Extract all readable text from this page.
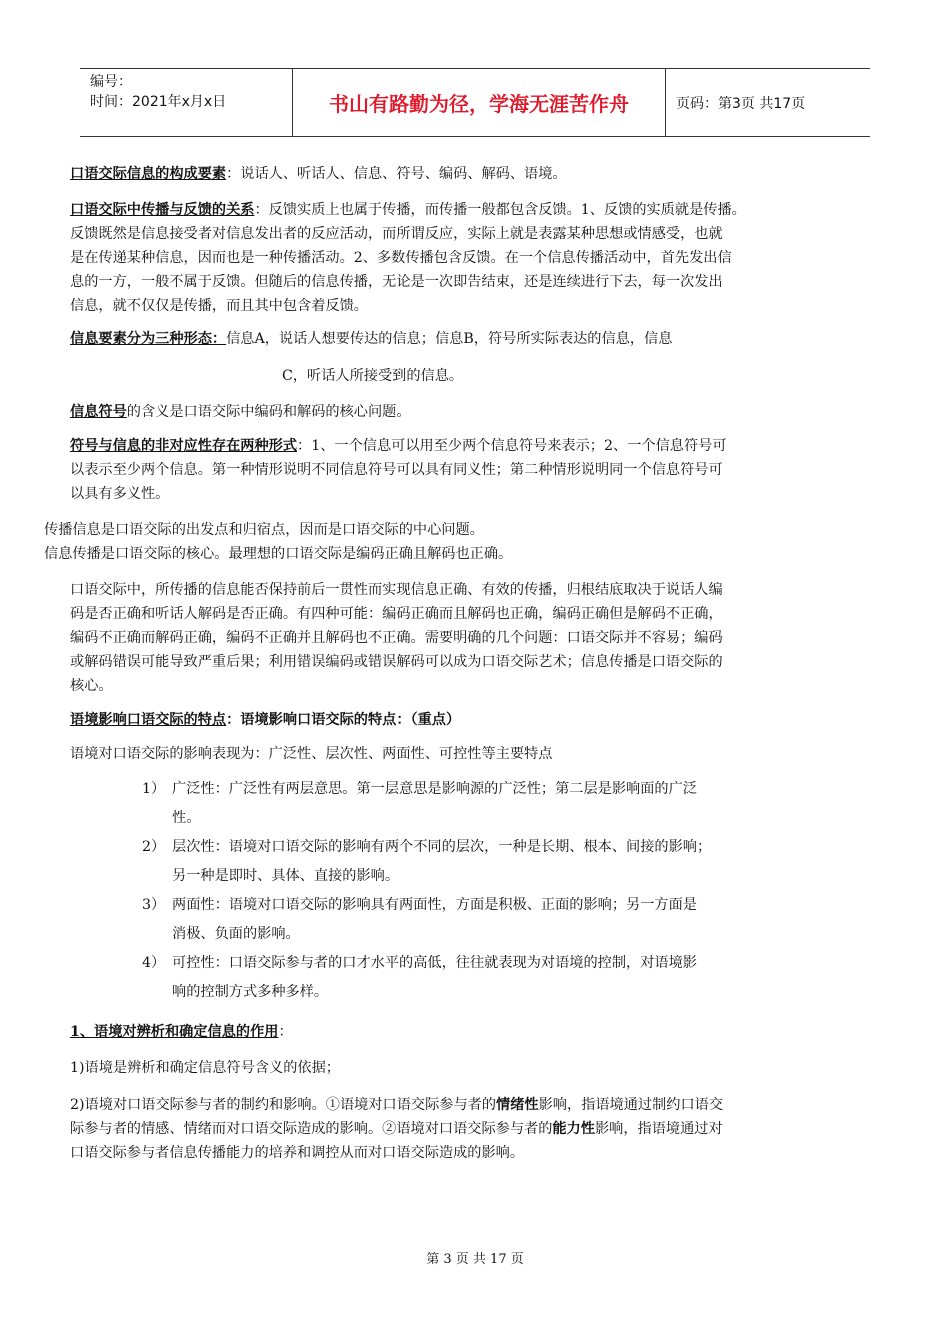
编号：
时间：2021年x月x日	书山有路勤为径，学海无涯苦作舟	页码：第3页 共17页
口语交际信息的构成要素：说话人、听话人、信息、符号、编码、解码、语境。
口语交际中传播与反馈的关系：反馈实质上也属于传播，而传播一般都包含反馈。1、反馈的实质就是传播。
反馈既然是信息接受者对信息发出者的反应活动，而所谓反应，实际上就是表露某种思想或情感受，也就
是在传递某种信息，因而也是一种传播活动。2、多数传播包含反馈。在一个信息传播活动中，首先发出信
息的一方，一般不属于反馈。但随后的信息传播，无论是一次即告结束，还是连续进行下去，每一次发出
信息，就不仅仅是传播，而且其中包含着反馈。
信息要素分为三种形态：信息A，说话人想要传达的信息；信息B，符号所实际表达的信息，信息
C，听话人所接受到的信息。
信息符号的含义是口语交际中编码和解码的核心问题。
符号与信息的非对应性存在两种形式：1、一个信息可以用至少两个信息符号来表示；2、一个信息符号可
以表示至少两个信息。第一种情形说明不同信息符号可以具有同义性；第二种情形说明同一个信息符号可
以具有多义性。
传播信息是口语交际的出发点和归宿点，因而是口语交际的中心问题。
信息传播是口语交际的核心。最理想的口语交际是编码正确且解码也正确。
口语交际中，所传播的信息能否保持前后一贯性而实现信息正确、有效的传播，归根结底取决于说话人编
码是否正确和听话人解码是否正确。有四种可能：编码正确而且解码也正确，编码正确但是解码不正确，
编码不正确而解码正确，编码不正确并且解码也不正确。需要明确的几个问题：口语交际并不容易；编码
或解码错误可能导致严重后果；利用错误编码或错误解码可以成为口语交际艺术；信息传播是口语交际的
核心。
语境影响口语交际的特点：语境影响口语交际的特点：（重点）
语境对口语交际的影响表现为：广泛性、层次性、两面性、可控性等主要特点
1） 广泛性：广泛性有两层意思。第一层意思是影响源的广泛性；第二层是影响面的广泛
性。
2） 层次性：语境对口语交际的影响有两个不同的层次，一种是长期、根本、间接的影响；
另一种是即时、具体、直接的影响。
3） 两面性：语境对口语交际的影响具有两面性，方面是积极、正面的影响；另一方面是
消极、负面的影响。
4） 可控性：口语交际参与者的口才水平的高低，往往就表现为对语境的控制，对语境影
响的控制方式多种多样。
1、语境对辨析和确定信息的作用：
1)语境是辨析和确定信息符号含义的依据；
2)语境对口语交际参与者的制约和影响。①语境对口语交际参与者的情绪性影响，指语境通过制约口语交
际参与者的情感、情绪而对口语交际造成的影响。②语境对口语交际参与者的能力性影响，指语境通过对
口语交际参与者信息传播能力的培养和调控从而对口语交际造成的影响。
第 3 页 共 17 页
